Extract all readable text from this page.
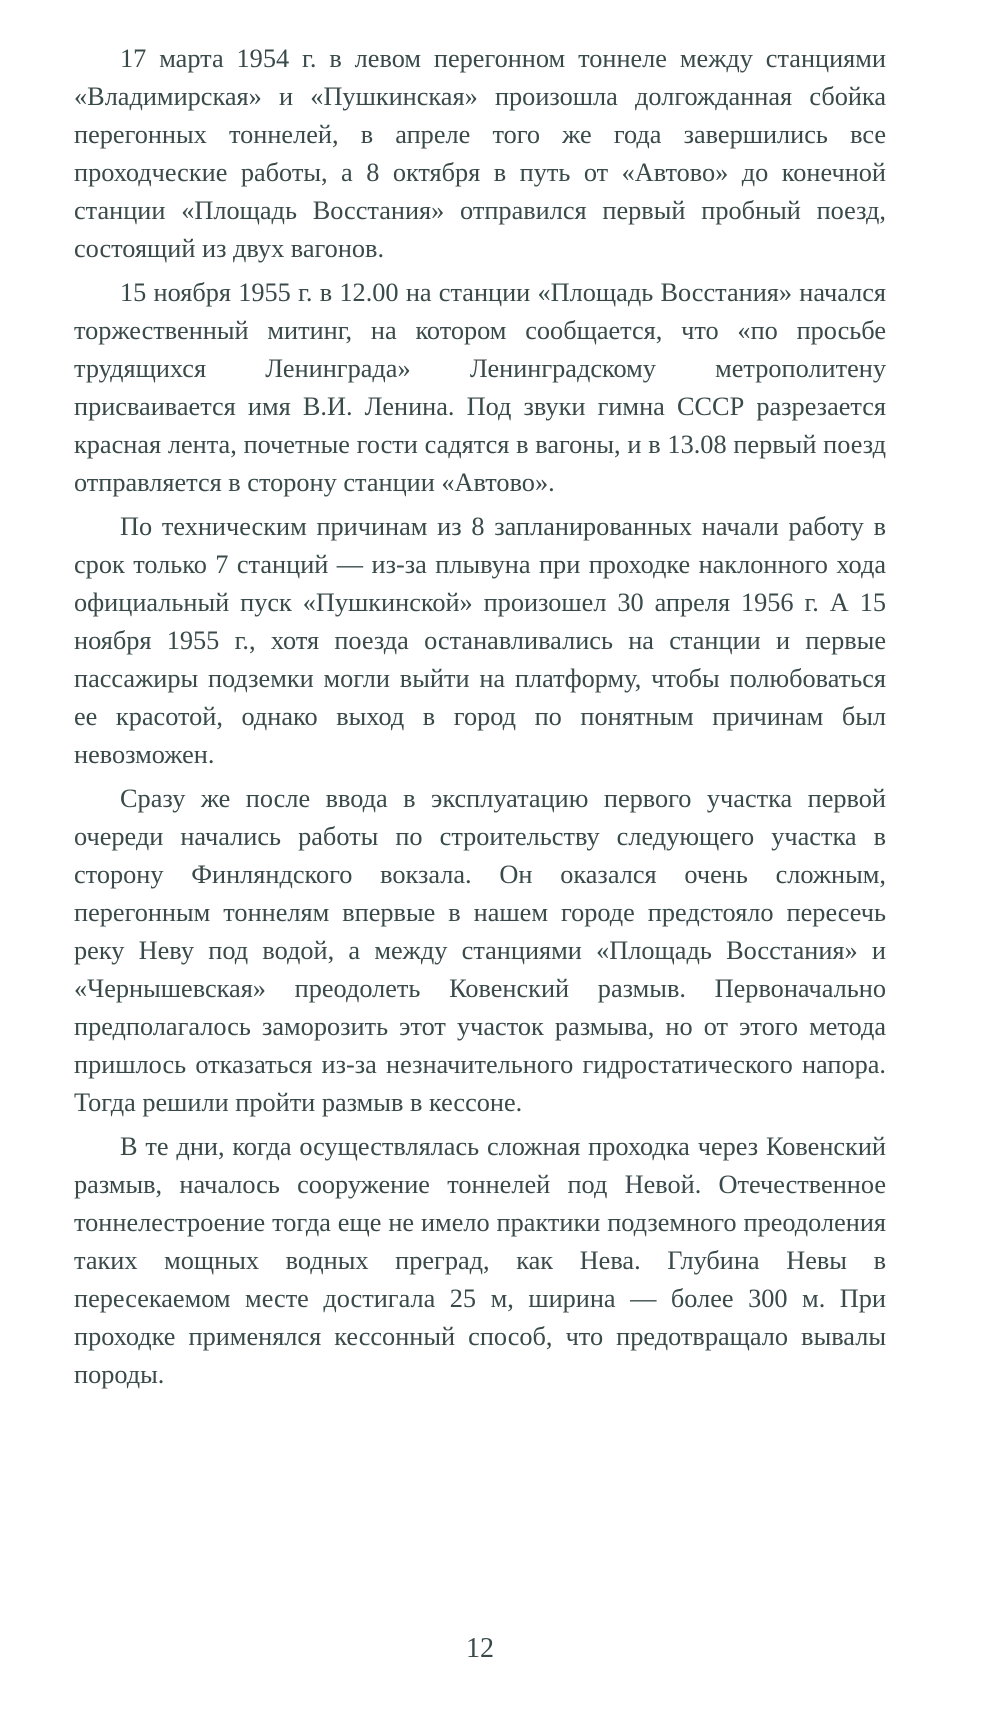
17 марта 1954 г. в левом перегонном тоннеле между станциями «Владимирская» и «Пушкинская» произошла долгожданная сбойка перегонных тоннелей, в апреле того же года завершились все проходческие работы, а 8 октября в путь от «Автово» до конечной станции «Площадь Восстания» отправился первый пробный поезд, состоящий из двух вагонов.

15 ноября 1955 г. в 12.00 на станции «Площадь Восстания» начался торжественный митинг, на котором сообщается, что «по просьбе трудящихся Ленинграда» Ленинградскому метрополитену присваивается имя В.И. Ленина. Под звуки гимна СССР разрезается красная лента, почетные гости садятся в вагоны, и в 13.08 первый поезд отправляется в сторону станции «Автово».

По техническим причинам из 8 запланированных начали работу в срок только 7 станций — из-за плывуна при проходке наклонного хода официальный пуск «Пушкинской» произошел 30 апреля 1956 г. А 15 ноября 1955 г., хотя поезда останавливались на станции и первые пассажиры подземки могли выйти на платформу, чтобы полюбоваться ее красотой, однако выход в город по понятным причинам был невозможен.

Сразу же после ввода в эксплуатацию первого участка первой очереди начались работы по строительству следующего участка в сторону Финляндского вокзала. Он оказался очень сложным, перегонным тоннелям впервые в нашем городе предстояло пересечь реку Неву под водой, а между станциями «Площадь Восстания» и «Чернышевская» преодолеть Ковенский размыв. Первоначально предполагалось заморозить этот участок размыва, но от этого метода пришлось отказаться из-за незначительного гидростатического напора. Тогда решили пройти размыв в кессоне.

В те дни, когда осуществлялась сложная проходка через Ковенский размыв, началось сооружение тоннелей под Невой. Отечественное тоннелестроение тогда еще не имело практики подземного преодоления таких мощных водных преград, как Нева. Глубина Невы в пересекаемом месте достигала 25 м, ширина — более 300 м. При проходке применялся кессонный способ, что предотвращало вывалы породы.

12
